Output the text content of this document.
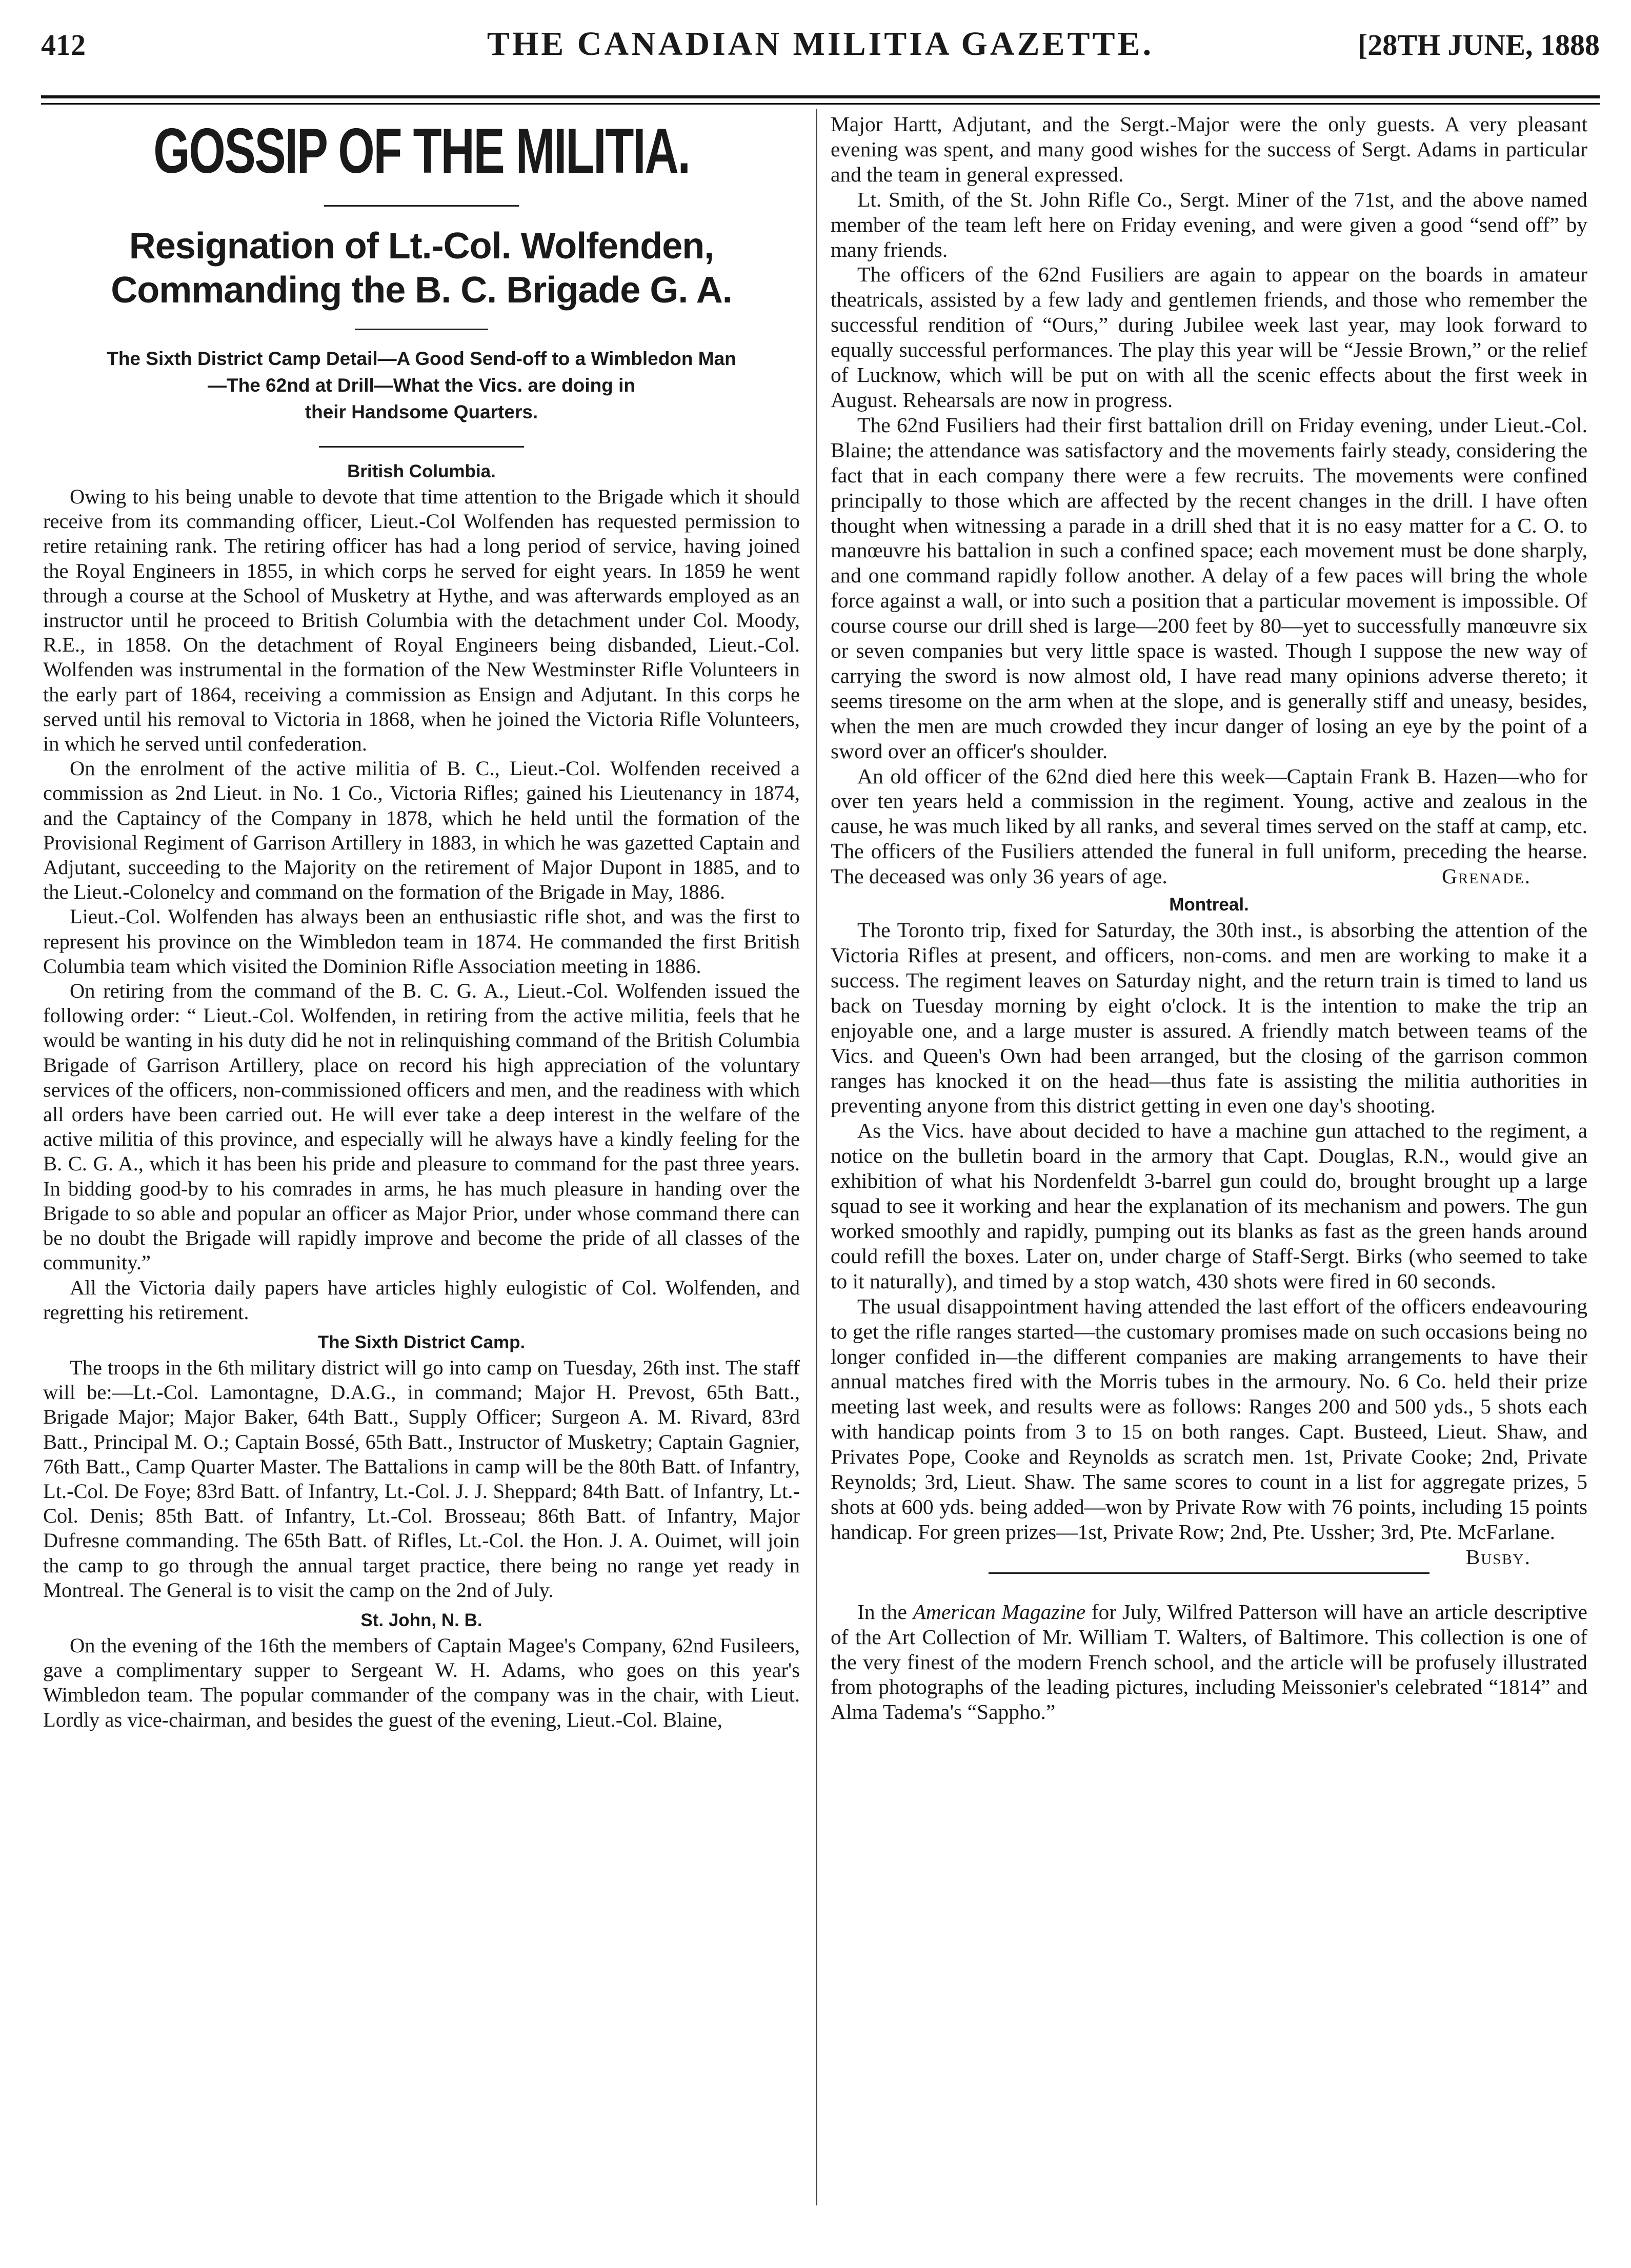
412	THE CANADIAN MILITIA GAZETTE.	[28TH JUNE, 1888
GOSSIP OF THE MILITIA.
Resignation of Lt.-Col. Wolfenden, Commanding the B. C. Brigade G. A.
The Sixth District Camp Detail—A Good Send-off to a Wimbledon Man
—The 62nd at Drill—What the Vics. are doing in
their Handsome Quarters.
British Columbia.

Owing to his being unable to devote that time attention to the Brigade which it should receive from its commanding officer, Lieut.-Col Wolfenden has requested permission to retire retaining rank. The retiring officer has had a long period of service, having joined the Royal Engineers in 1855, in which corps he served for eight years. In 1859 he went through a course at the School of Musketry at Hythe, and was afterwards employed as an instructor until he proceed to British Columbia with the detachment under Col. Moody, R.E., in 1858. On the detachment of Royal Engineers being disbanded, Lieut.-Col. Wolfenden was instrumental in the formation of the New Westminster Rifle Volunteers in the early part of 1864, receiving a commission as Ensign and Adjutant. In this corps he served until his removal to Victoria in 1868, when he joined the Victoria Rifle Volunteers, in which he served until confederation.

On the enrolment of the active militia of B. C., Lieut.-Col. Wolfenden received a commission as 2nd Lieut. in No. 1 Co., Victoria Rifles; gained his Lieutenancy in 1874, and the Captaincy of the Company in 1878, which he held until the formation of the Provisional Regiment of Garrison Artillery in 1883, in which he was gazetted Captain and Adjutant, succeeding to the Majority on the retirement of Major Dupont in 1885, and to the Lieut.-Colonelcy and command on the formation of the Brigade in May, 1886.

Lieut.-Col. Wolfenden has always been an enthusiastic rifle shot, and was the first to represent his province on the Wimbledon team in 1874. He commanded the first British Columbia team which visited the Dominion Rifle Association meeting in 1886.

On retiring from the command of the B. C. G. A., Lieut.-Col. Wolfenden issued the following order: “ Lieut.-Col. Wolfenden, in retiring from the active militia, feels that he would be wanting in his duty did he not in relinquishing command of the British Columbia Brigade of Garrison Artillery, place on record his high appreciation of the voluntary services of the officers, non-commissioned officers and men, and the readiness with which all orders have been carried out. He will ever take a deep interest in the welfare of the active militia of this province, and especially will he always have a kindly feeling for the B. C. G. A., which it has been his pride and pleasure to command for the past three years. In bidding good-by to his comrades in arms, he has much pleasure in handing over the Brigade to so able and popular an officer as Major Prior, under whose command there can be no doubt the Brigade will rapidly improve and become the pride of all classes of the community.”

All the Victoria daily papers have articles highly eulogistic of Col. Wolfenden, and regretting his retirement.

The Sixth District Camp.

The troops in the 6th military district will go into camp on Tuesday, 26th inst. The staff will be:—Lt.-Col. Lamontagne, D.A.G., in command; Major H. Prevost, 65th Batt., Brigade Major; Major Baker, 64th Batt., Supply Officer; Surgeon A. M. Rivard, 83rd Batt., Principal M. O.; Captain Bossé, 65th Batt., Instructor of Musketry; Captain Gagnier, 76th Batt., Camp Quarter Master. The Battalions in camp will be the 80th Batt. of Infantry, Lt.-Col. De Foye; 83rd Batt. of Infantry, Lt.-Col. J. J. Sheppard; 84th Batt. of Infantry, Lt.-Col. Denis; 85th Batt. of Infantry, Lt.-Col. Brosseau; 86th Batt. of Infantry, Major Dufresne commanding. The 65th Batt. of Rifles, Lt.-Col. the Hon. J. A. Ouimet, will join the camp to go through the annual target practice, there being no range yet ready in Montreal. The General is to visit the camp on the 2nd of July.

St. John, N. B.

On the evening of the 16th the members of Captain Magee's Company, 62nd Fusileers, gave a complimentary supper to Sergeant W. H. Adams, who goes on this year's Wimbledon team. The popular commander of the company was in the chair, with Lieut. Lordly as vice-chairman, and besides the guest of the evening, Lieut.-Col. Blaine,

Major Hartt, Adjutant, and the Sergt.-Major were the only guests. A very pleasant evening was spent, and many good wishes for the success of Sergt. Adams in particular and the team in general expressed.

Lt. Smith, of the St. John Rifle Co., Sergt. Miner of the 71st, and the above named member of the team left here on Friday evening, and were given a good “send off” by many friends.

The officers of the 62nd Fusiliers are again to appear on the boards in amateur theatricals, assisted by a few lady and gentlemen friends, and those who remember the successful rendition of “Ours,” during Jubilee week last year, may look forward to equally successful performances. The play this year will be “Jessie Brown,” or the relief of Lucknow, which will be put on with all the scenic effects about the first week in August. Rehearsals are now in progress.

The 62nd Fusiliers had their first battalion drill on Friday evening, under Lieut.-Col. Blaine; the attendance was satisfactory and the movements fairly steady, considering the fact that in each company there were a few recruits. The movements were confined principally to those which are affected by the recent changes in the drill. I have often thought when witnessing a parade in a drill shed that it is no easy matter for a C. O. to manœuvre his battalion in such a confined space; each movement must be done sharply, and one command rapidly follow another. A delay of a few paces will bring the whole force against a wall, or into such a position that a particular movement is impossible. Of course course our drill shed is large—200 feet by 80—yet to successfully manœuvre six or seven companies but very little space is wasted. Though I suppose the new way of carrying the sword is now almost old, I have read many opinions adverse thereto; it seems tiresome on the arm when at the slope, and is generally stiff and uneasy, besides, when the men are much crowded they incur danger of losing an eye by the point of a sword over an officer's shoulder.

An old officer of the 62nd died here this week—Captain Frank B. Hazen—who for over ten years held a commission in the regiment. Young, active and zealous in the cause, he was much liked by all ranks, and several times served on the staff at camp, etc. The officers of the Fusiliers attended the funeral in full uniform, preceding the hearse. The deceased was only 36 years of age.	Grenade.

Montreal.

The Toronto trip, fixed for Saturday, the 30th inst., is absorbing the attention of the Victoria Rifles at present, and officers, non-coms. and men are working to make it a success. The regiment leaves on Saturday night, and the return train is timed to land us back on Tuesday morning by eight o'clock. It is the intention to make the trip an enjoyable one, and a large muster is assured. A friendly match between teams of the Vics. and Queen's Own had been arranged, but the closing of the garrison common ranges has knocked it on the head—thus fate is assisting the militia authorities in preventing anyone from this district getting in even one day's shooting.

As the Vics. have about decided to have a machine gun attached to the regiment, a notice on the bulletin board in the armory that Capt. Douglas, R.N., would give an exhibition of what his Nordenfeldt 3-barrel gun could do, brought brought up a large squad to see it working and hear the explanation of its mechanism and powers. The gun worked smoothly and rapidly, pumping out its blanks as fast as the green hands around could refill the boxes. Later on, under charge of Staff-Sergt. Birks (who seemed to take to it naturally), and timed by a stop watch, 430 shots were fired in 60 seconds.

The usual disappointment having attended the last effort of the officers endeavouring to get the rifle ranges started—the customary promises made on such occasions being no longer confided in—the different companies are making arrangements to have their annual matches fired with the Morris tubes in the armoury. No. 6 Co. held their prize meeting last week, and results were as follows: Ranges 200 and 500 yds., 5 shots each with handicap points from 3 to 15 on both ranges. Capt. Busteed, Lieut. Shaw, and Privates Pope, Cooke and Reynolds as scratch men. 1st, Private Cooke; 2nd, Private Reynolds; 3rd, Lieut. Shaw. The same scores to count in a list for aggregate prizes, 5 shots at 600 yds. being added—won by Private Row with 76 points, including 15 points handicap. For green prizes—1st, Private Row; 2nd, Pte. Ussher; 3rd, Pte. McFarlane.
Busby.

In the American Magazine for July, Wilfred Patterson will have an article descriptive of the Art Collection of Mr. William T. Walters, of Baltimore. This collection is one of the very finest of the modern French school, and the article will be profusely illustrated from photographs of the leading pictures, including Meissonier's celebrated “1814” and Alma Tadema's “Sappho.”
